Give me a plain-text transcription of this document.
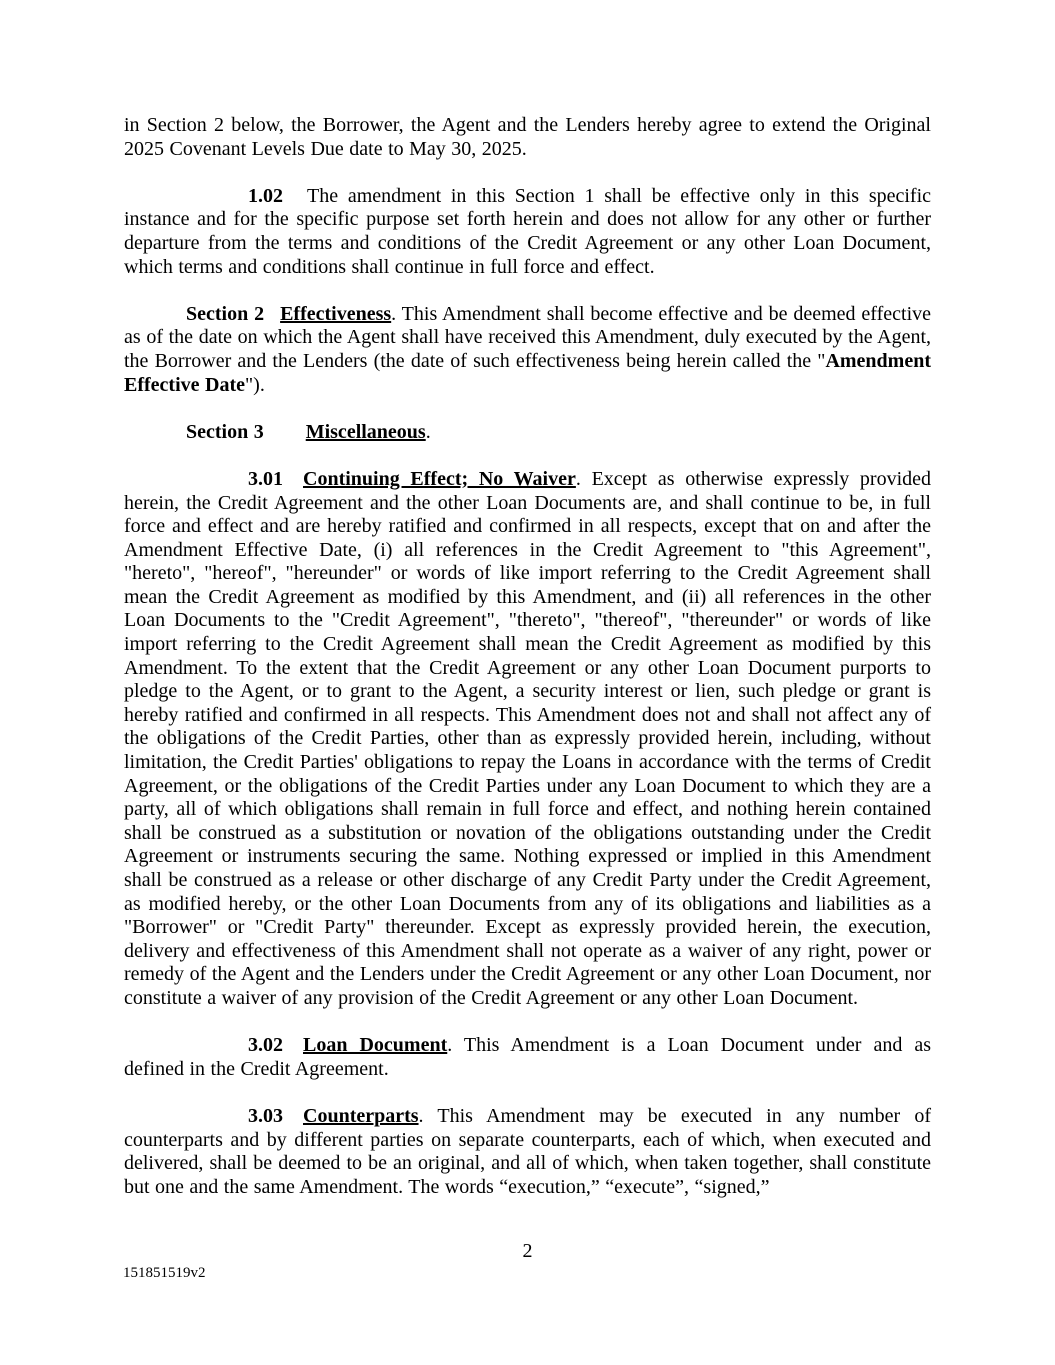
in Section 2 below, the Borrower, the Agent and the Lenders hereby agree to extend the Original 2025 Covenant Levels Due date to May 30, 2025.

1.02 The amendment in this Section 1 shall be effective only in this specific instance and for the specific purpose set forth herein and does not allow for any other or further departure from the terms and conditions of the Credit Agreement or any other Loan Document, which terms and conditions shall continue in full force and effect.

Section 2 Effectiveness. This Amendment shall become effective and be deemed effective as of the date on which the Agent shall have received this Amendment, duly executed by the Agent, the Borrower and the Lenders (the date of such effectiveness being herein called the "Amendment Effective Date").

Section 3 Miscellaneous.

3.01 Continuing Effect; No Waiver. Except as otherwise expressly provided herein, the Credit Agreement and the other Loan Documents are, and shall continue to be, in full force and effect and are hereby ratified and confirmed in all respects, except that on and after the Amendment Effective Date, (i) all references in the Credit Agreement to "this Agreement", "hereto", "hereof", "hereunder" or words of like import referring to the Credit Agreement shall mean the Credit Agreement as modified by this Amendment, and (ii) all references in the other Loan Documents to the "Credit Agreement", "thereto", "thereof", "thereunder" or words of like import referring to the Credit Agreement shall mean the Credit Agreement as modified by this Amendment. To the extent that the Credit Agreement or any other Loan Document purports to pledge to the Agent, or to grant to the Agent, a security interest or lien, such pledge or grant is hereby ratified and confirmed in all respects. This Amendment does not and shall not affect any of the obligations of the Credit Parties, other than as expressly provided herein, including, without limitation, the Credit Parties' obligations to repay the Loans in accordance with the terms of Credit Agreement, or the obligations of the Credit Parties under any Loan Document to which they are a party, all of which obligations shall remain in full force and effect, and nothing herein contained shall be construed as a substitution or novation of the obligations outstanding under the Credit Agreement or instruments securing the same. Nothing expressed or implied in this Amendment shall be construed as a release or other discharge of any Credit Party under the Credit Agreement, as modified hereby, or the other Loan Documents from any of its obligations and liabilities as a "Borrower" or "Credit Party" thereunder. Except as expressly provided herein, the execution, delivery and effectiveness of this Amendment shall not operate as a waiver of any right, power or remedy of the Agent and the Lenders under the Credit Agreement or any other Loan Document, nor constitute a waiver of any provision of the Credit Agreement or any other Loan Document.

3.02 Loan Document. This Amendment is a Loan Document under and as defined in the Credit Agreement.

3.03 Counterparts. This Amendment may be executed in any number of counterparts and by different parties on separate counterparts, each of which, when executed and delivered, shall be deemed to be an original, and all of which, when taken together, shall constitute but one and the same Amendment. The words “execution,” “execute”, “signed,”

2
151851519v2
